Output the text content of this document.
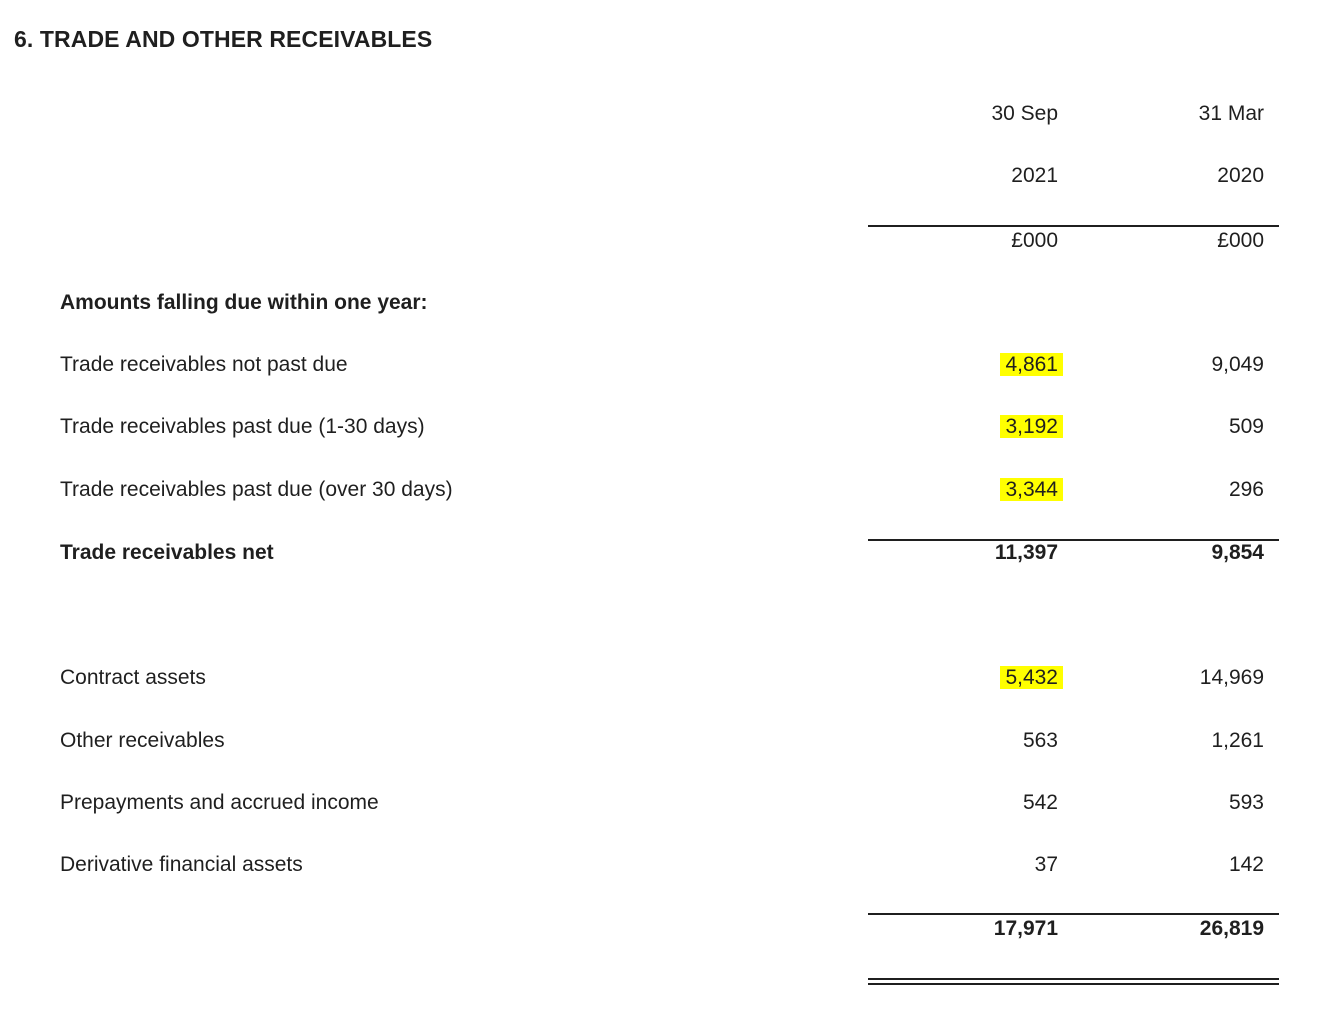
6. TRADE AND OTHER RECEIVABLES
30 Sep	31 Mar
2021	2020
£000	£000
Amounts falling due within one year:
Trade receivables not past due	4,861	9,049
Trade receivables past due (1-30 days)	3,192	509
Trade receivables past due (over 30 days)	3,344	296
Trade receivables net	11,397	9,854
Contract assets	5,432	14,969
Other receivables	563	1,261
Prepayments and accrued income	542	593
Derivative financial assets	37	142
17,971	26,819
